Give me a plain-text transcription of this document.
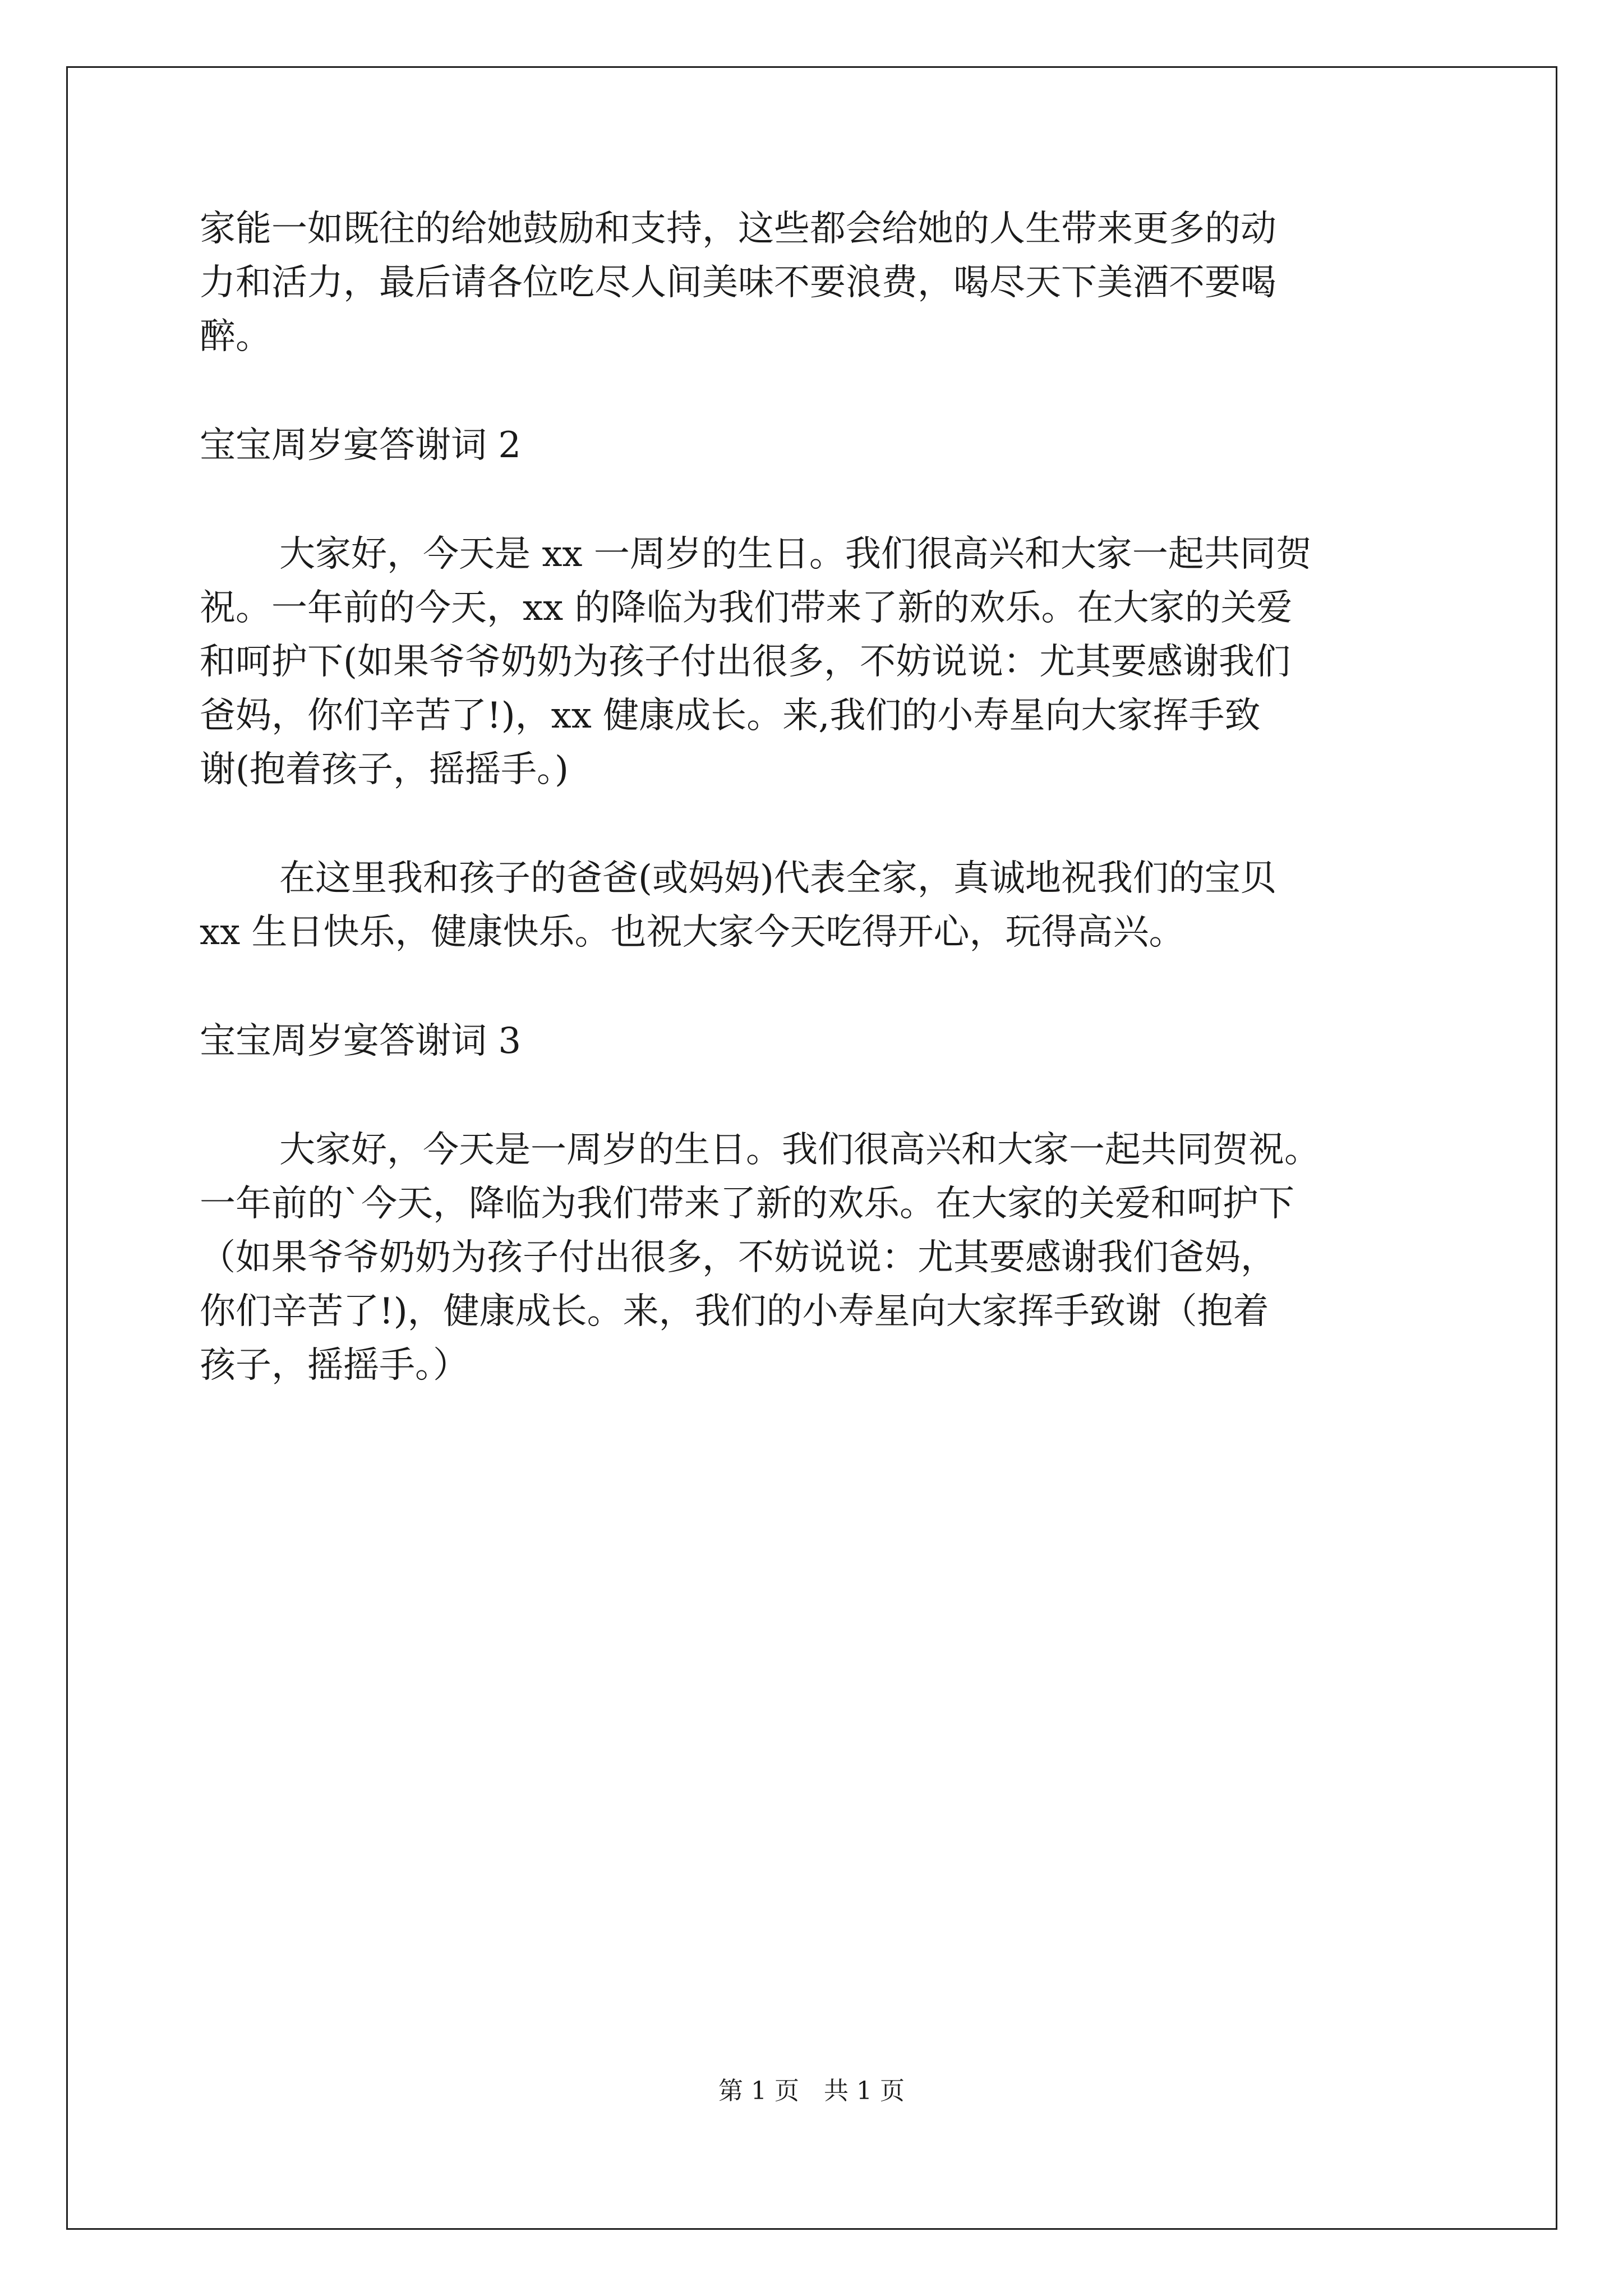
家能一如既往的给她鼓励和支持，这些都会给她的人生带来更多的动

力和活力，最后请各位吃尽人间美味不要浪费，喝尽天下美酒不要喝

醉。

宝宝周岁宴答谢词 2

大家好，今天是 xx 一周岁的生日。我们很高兴和大家一起共同贺

祝。一年前的今天，xx 的降临为我们带来了新的欢乐。在大家的关爱

和呵护下(如果爷爷奶奶为孩子付出很多，不妨说说：尤其要感谢我们

爸妈，你们辛苦了!)，xx 健康成长。来,我们的小寿星向大家挥手致

谢(抱着孩子，摇摇手。)

在这里我和孩子的爸爸(或妈妈)代表全家，真诚地祝我们的宝贝

xx 生日快乐，健康快乐。也祝大家今天吃得开心，玩得高兴。

宝宝周岁宴答谢词 3

大家好，今天是一周岁的生日。我们很高兴和大家一起共同贺祝。

一年前的`今天，降临为我们带来了新的欢乐。在大家的关爱和呵护下

（如果爷爷奶奶为孩子付出很多，不妨说说：尤其要感谢我们爸妈，

你们辛苦了!)，健康成长。来，我们的小寿星向大家挥手致谢（抱着

孩子，摇摇手。）

第 1 页 共 1 页
